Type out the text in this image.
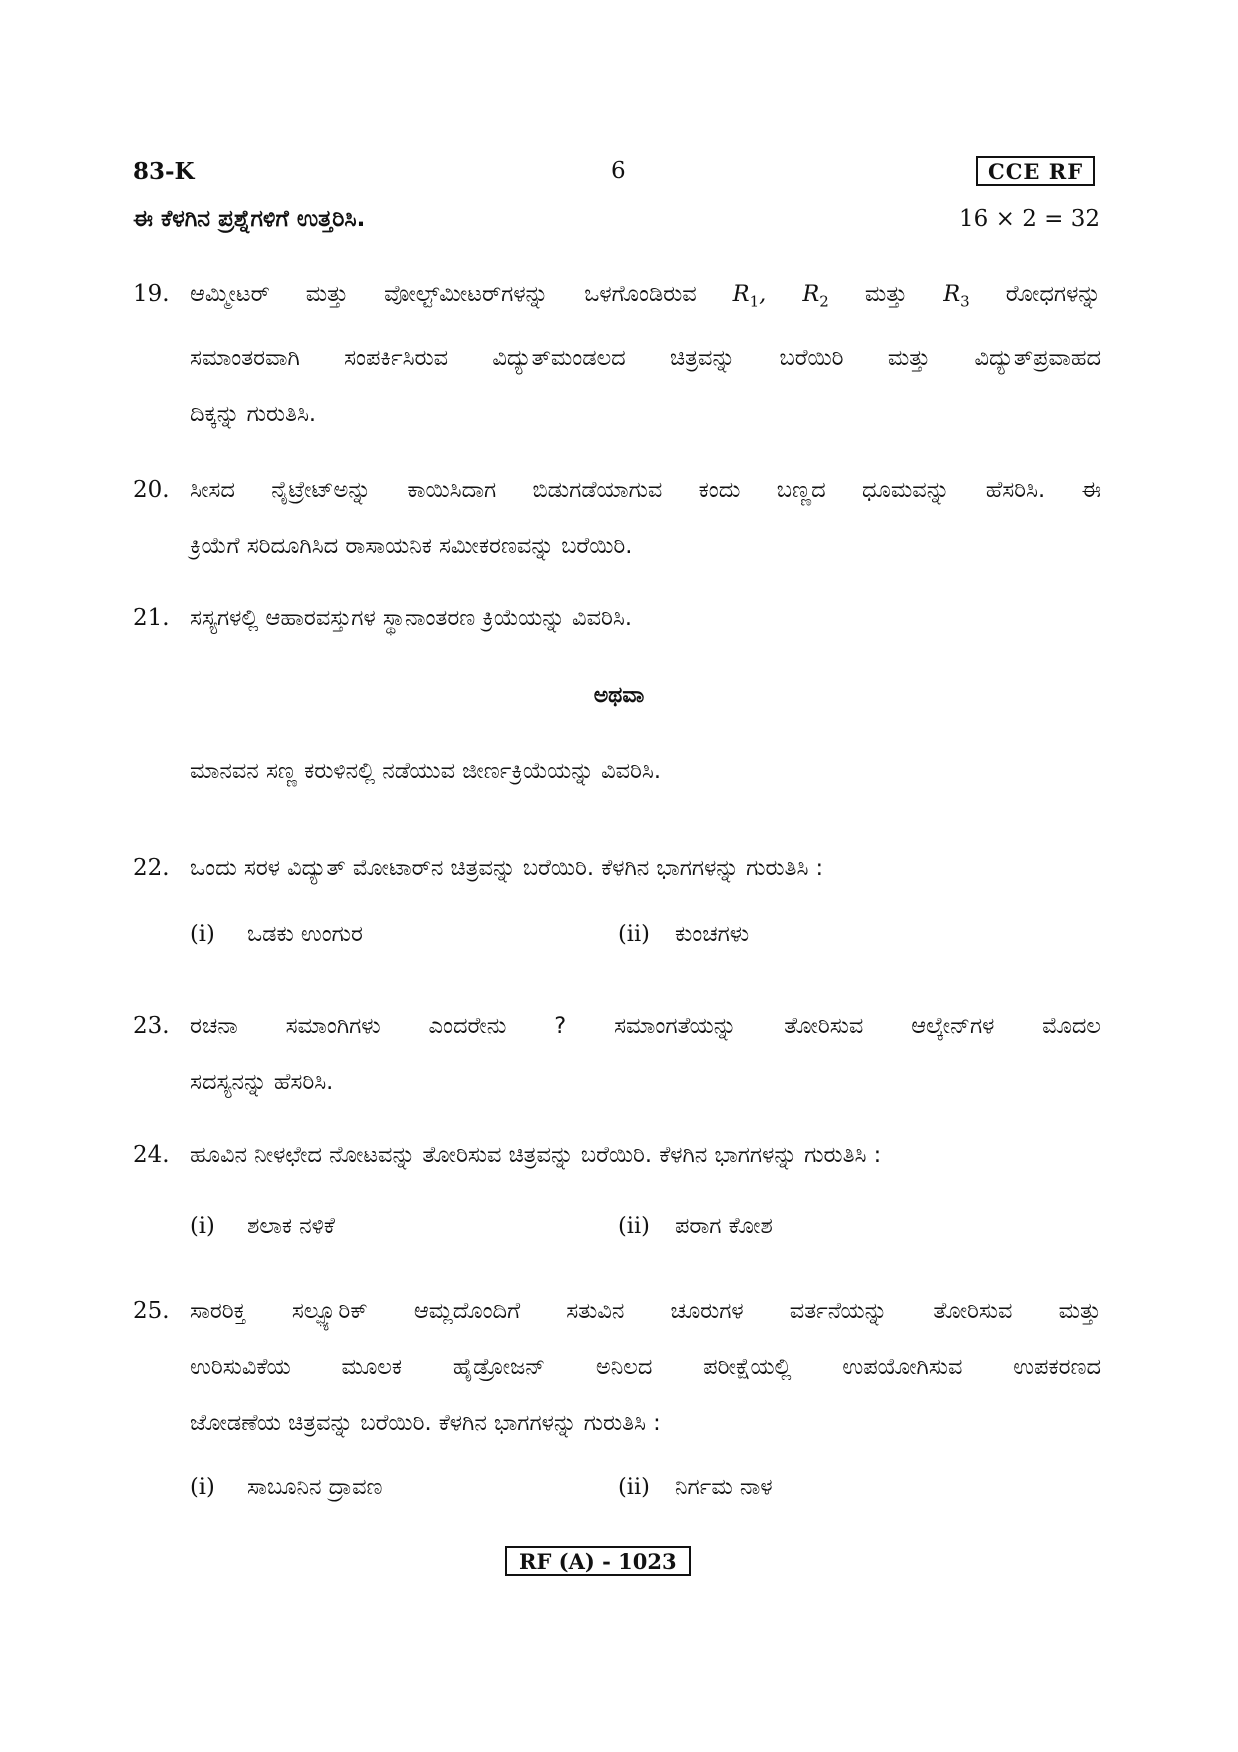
83-K	6	CCE RF
ಈ ಕೆಳಗಿನ ಪ್ರಶ್ನೆಗಳಿಗೆ ಉತ್ತರಿಸಿ.	16 × 2 = 32
19. ಆಮ್ಮೀಟರ್ ಮತ್ತು ವೋಲ್ಟ್‌ಮೀಟರ್‌ಗಳನ್ನು ಒಳಗೊಂಡಿರುವ $R_1$, $R_2$ ಮತ್ತು $R_3$ ರೋಧಗಳನ್ನು
ಸಮಾಂತರವಾಗಿ ಸಂಪರ್ಕಿಸಿರುವ ವಿದ್ಯುತ್‌ಮಂಡಲದ ಚಿತ್ರವನ್ನು ಬರೆಯಿರಿ ಮತ್ತು ವಿದ್ಯುತ್‌ಪ್ರವಾಹದ
ದಿಕ್ಕನ್ನು ಗುರುತಿಸಿ.
20. ಸೀಸದ ನೈಟ್ರೇಟ್‌ಅನ್ನು ಕಾಯಿಸಿದಾಗ ಬಿಡುಗಡೆಯಾಗುವ ಕಂದು ಬಣ್ಣದ ಧೂಮವನ್ನು ಹೆಸರಿಸಿ. ಈ
ಕ್ರಿಯೆಗೆ ಸರಿದೂಗಿಸಿದ ರಾಸಾಯನಿಕ ಸಮೀಕರಣವನ್ನು ಬರೆಯಿರಿ.
21. ಸಸ್ಯಗಳಲ್ಲಿ ಆಹಾರವಸ್ತುಗಳ ಸ್ಥಾನಾಂತರಣ ಕ್ರಿಯೆಯನ್ನು ವಿವರಿಸಿ.
ಅಥವಾ
ಮಾನವನ ಸಣ್ಣ ಕರುಳಿನಲ್ಲಿ ನಡೆಯುವ ಜೀರ್ಣಕ್ರಿಯೆಯನ್ನು ವಿವರಿಸಿ.
22. ಒಂದು ಸರಳ ವಿದ್ಯುತ್ ಮೋಟಾರ್‌ನ ಚಿತ್ರವನ್ನು ಬರೆಯಿರಿ. ಕೆಳಗಿನ ಭಾಗಗಳನ್ನು ಗುರುತಿಸಿ :
(i) ಒಡಕು ಉಂಗುರ	(ii) ಕುಂಚಗಳು
23. ರಚನಾ ಸಮಾಂಗಿಗಳು ಎಂದರೇನು ? ಸಮಾಂಗತೆಯನ್ನು ತೋರಿಸುವ ಆಲ್ಕೇನ್‌ಗಳ ಮೊದಲ
ಸದಸ್ಯನನ್ನು ಹೆಸರಿಸಿ.
24. ಹೂವಿನ ನೀಳಛೇದ ನೋಟವನ್ನು ತೋರಿಸುವ ಚಿತ್ರವನ್ನು ಬರೆಯಿರಿ. ಕೆಳಗಿನ ಭಾಗಗಳನ್ನು ಗುರುತಿಸಿ :
(i) ಶಲಾಕ ನಳಿಕೆ	(ii) ಪರಾಗ ಕೋಶ
25. ಸಾರರಿಕ್ತ ಸಲ್ಫ್ಯೂರಿಕ್ ಆಮ್ಲದೊಂದಿಗೆ ಸತುವಿನ ಚೂರುಗಳ ವರ್ತನೆಯನ್ನು ತೋರಿಸುವ ಮತ್ತು
ಉರಿಸುವಿಕೆಯ ಮೂಲಕ ಹೈಡ್ರೋಜನ್ ಅನಿಲದ ಪರೀಕ್ಷೆಯಲ್ಲಿ ಉಪಯೋಗಿಸುವ ಉಪಕರಣದ
ಜೋಡಣೆಯ ಚಿತ್ರವನ್ನು ಬರೆಯಿರಿ. ಕೆಳಗಿನ ಭಾಗಗಳನ್ನು ಗುರುತಿಸಿ :
(i) ಸಾಬೂನಿನ ದ್ರಾವಣ	(ii) ನಿರ್ಗಮ ನಾಳ
RF (A) - 1023
